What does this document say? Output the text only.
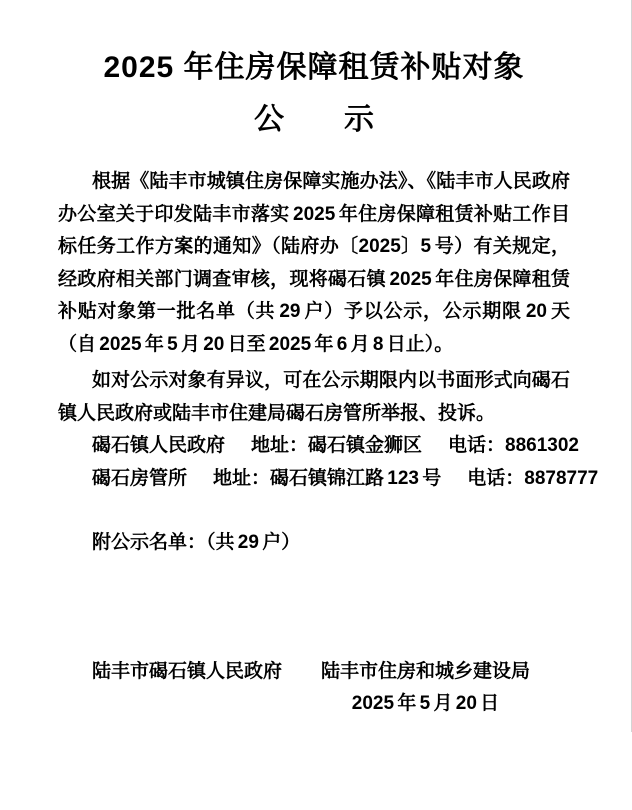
2025 年住房保障租赁补贴对象
公　　示

根据《陆丰市城镇住房保障实施办法》、《陆丰市人民政府办公室关于印发陆丰市落实 2025 年住房保障租赁补贴工作目标任务工作方案的通知》（陆府办〔2025〕5 号）有关规定，经政府相关部门调查审核，现将碣石镇 2025 年住房保障租赁补贴对象第一批名单（共 29 户）予以公示，公示期限 20 天（自 2025 年 5 月 20 日至 2025 年 6 月 8 日止）。

如对公示对象有异议，可在公示期限内以书面形式向碣石镇人民政府或陆丰市住建局碣石房管所举报、投诉。

碣石镇人民政府 地址：碣石镇金狮区 电话：8861302
碣石房管所 地址：碣石镇锦江路 123 号 电话：8878777
附公示名单：（共 29 户）
陆丰市碣石镇人民政府 陆丰市住房和城乡建设局
2025 年 5 月 20 日
